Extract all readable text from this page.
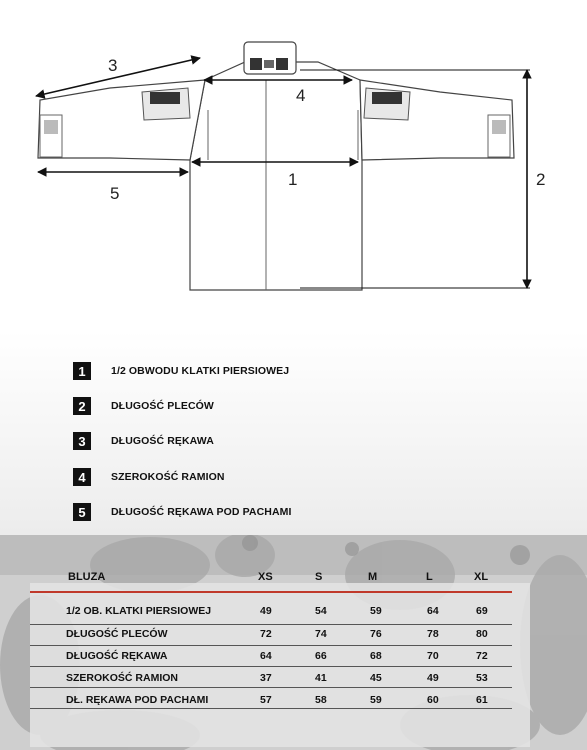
3
4
1
5
2
1	1/2 OBWODU KLATKI PIERSIOWEJ
2	DŁUGOŚĆ PLECÓW
3	DŁUGOŚĆ RĘKAWA
4	SZEROKOŚĆ RAMION
5	DŁUGOŚĆ RĘKAWA POD PACHAMI
BLUZA	XS	S	M	L	XL
1/2 OB. KLATKI PIERSIOWEJ	49	54	59	64	69
DŁUGOŚĆ PLECÓW	72	74	76	78	80
DŁUGOŚĆ RĘKAWA	64	66	68	70	72
SZEROKOŚĆ RAMION	37	41	45	49	53
DŁ. RĘKAWA POD PACHAMI	57	58	59	60	61
